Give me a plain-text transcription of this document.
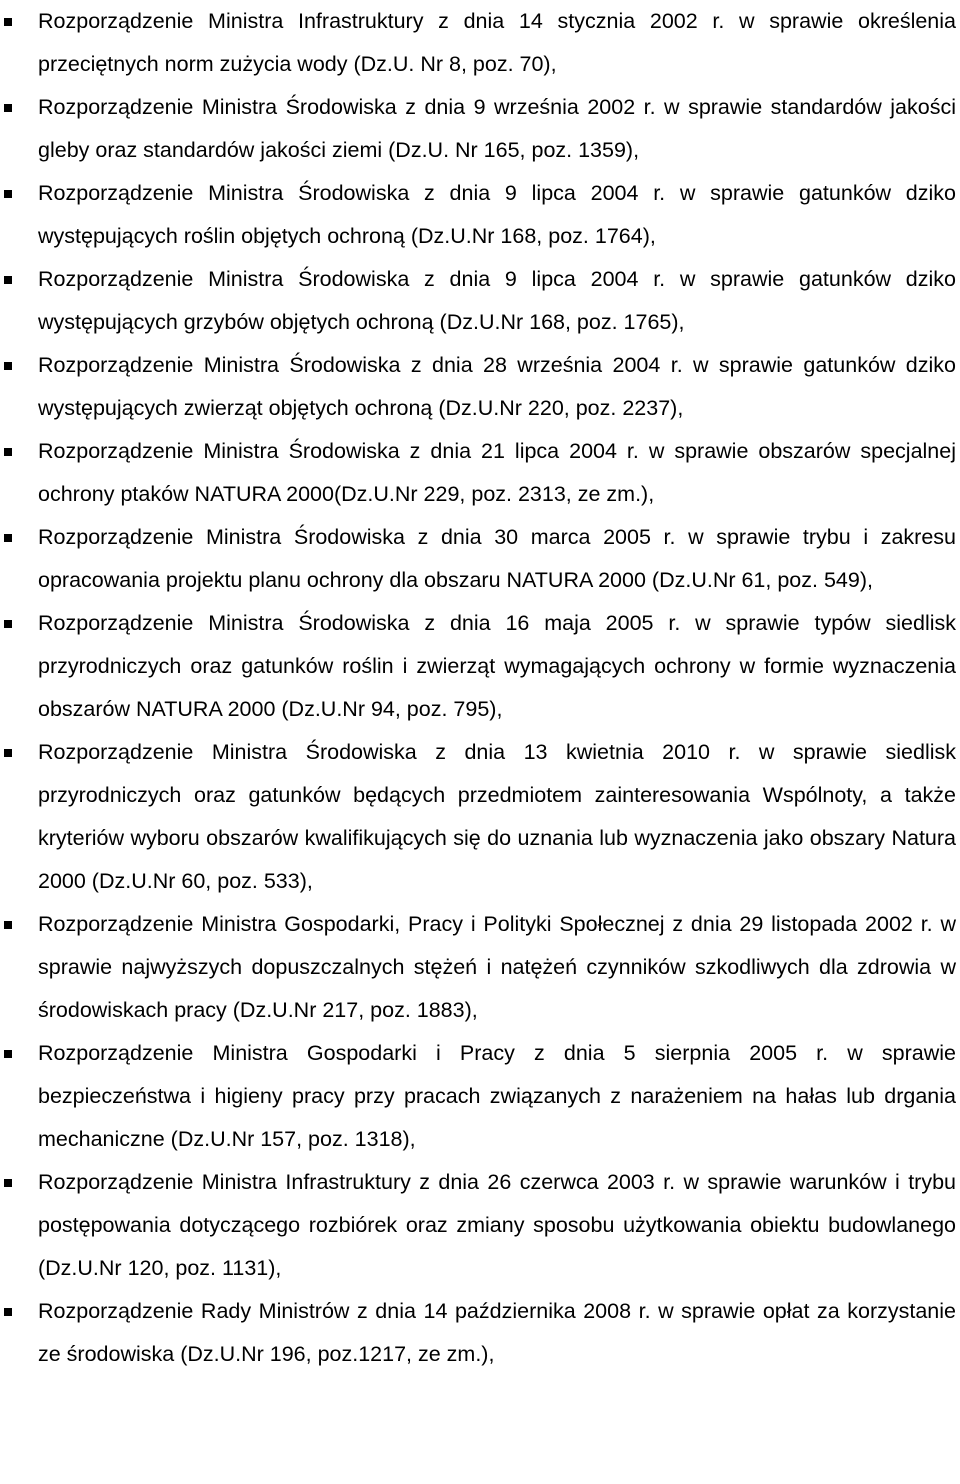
Rozporządzenie Ministra Infrastruktury z dnia 14 stycznia 2002 r. w sprawie określenia przeciętnych norm zużycia wody (Dz.U. Nr 8, poz. 70),
Rozporządzenie Ministra Środowiska z dnia 9 września 2002 r. w sprawie standardów jakości gleby oraz standardów jakości ziemi (Dz.U. Nr 165, poz. 1359),
Rozporządzenie Ministra Środowiska z dnia 9 lipca 2004 r. w sprawie gatunków dziko występujących roślin objętych ochroną (Dz.U.Nr 168, poz. 1764),
Rozporządzenie Ministra Środowiska z dnia 9 lipca 2004 r. w sprawie gatunków dziko występujących grzybów objętych ochroną (Dz.U.Nr 168, poz. 1765),
Rozporządzenie Ministra Środowiska z dnia 28 września 2004 r. w sprawie gatunków dziko występujących zwierząt objętych ochroną (Dz.U.Nr 220, poz. 2237),
Rozporządzenie Ministra Środowiska z dnia 21 lipca 2004 r. w sprawie obszarów specjalnej ochrony ptaków NATURA 2000(Dz.U.Nr 229, poz. 2313, ze zm.),
Rozporządzenie Ministra Środowiska z dnia 30 marca 2005 r. w sprawie trybu i zakresu opracowania projektu planu ochrony dla obszaru NATURA 2000 (Dz.U.Nr 61, poz. 549),
Rozporządzenie Ministra Środowiska z dnia 16 maja 2005 r. w sprawie typów siedlisk przyrodniczych oraz gatunków roślin i zwierząt wymagających ochrony w formie wyznaczenia obszarów NATURA 2000 (Dz.U.Nr 94, poz. 795),
Rozporządzenie Ministra Środowiska z dnia 13 kwietnia 2010 r. w sprawie siedlisk przyrodniczych oraz gatunków będących przedmiotem zainteresowania Wspólnoty, a także kryteriów wyboru obszarów kwalifikujących się do uznania lub wyznaczenia jako obszary Natura 2000 (Dz.U.Nr 60, poz. 533),
Rozporządzenie Ministra Gospodarki, Pracy i Polityki Społecznej z dnia 29 listopada 2002 r. w sprawie najwyższych dopuszczalnych stężeń i natężeń czynników szkodliwych dla zdrowia w środowiskach pracy (Dz.U.Nr 217, poz. 1883),
Rozporządzenie Ministra Gospodarki i Pracy z dnia 5 sierpnia 2005 r. w sprawie bezpieczeństwa i higieny pracy przy pracach związanych z narażeniem na hałas lub drgania mechaniczne (Dz.U.Nr 157, poz. 1318),
Rozporządzenie Ministra Infrastruktury z dnia 26 czerwca 2003 r. w sprawie warunków i trybu postępowania dotyczącego rozbiórek oraz zmiany sposobu użytkowania obiektu budowlanego (Dz.U.Nr 120, poz. 1131),
Rozporządzenie Rady Ministrów z dnia 14 października 2008 r. w sprawie opłat za korzystanie ze środowiska (Dz.U.Nr 196, poz.1217, ze zm.),
